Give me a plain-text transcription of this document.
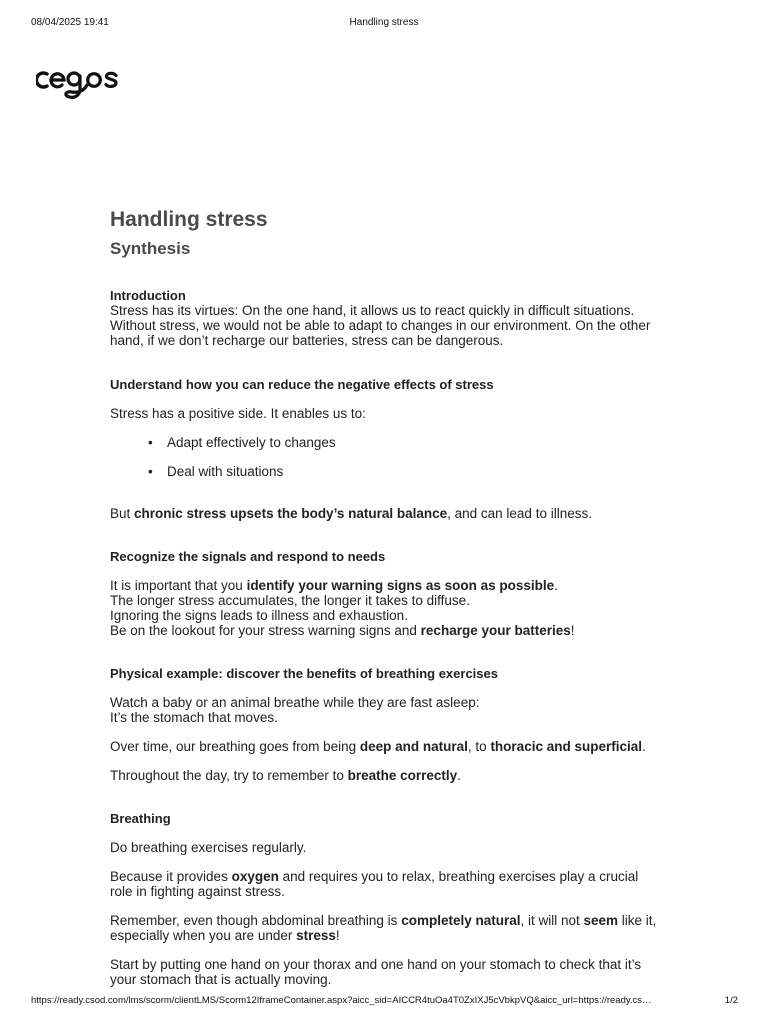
08/04/2025 19:41	Handling stress
Handling stress
Synthesis
Introduction

Stress has its virtues: On the one hand, it allows us to react quickly in difficult situations.

Without stress, we would not be able to adapt to changes in our environment. On the other

hand, if we don’t recharge our batteries, stress can be dangerous.

Understand how you can reduce the negative effects of stress

Stress has a positive side. It enables us to:

• Adapt effectively to changes
• Deal with situations

But chronic stress upsets the body’s natural balance, and can lead to illness.

Recognize the signals and respond to needs

It is important that you identify your warning signs as soon as possible.

The longer stress accumulates, the longer it takes to diffuse.

Ignoring the signs leads to illness and exhaustion.

Be on the lookout for your stress warning signs and recharge your batteries!

Physical example: discover the benefits of breathing exercises

Watch a baby or an animal breathe while they are fast asleep:

It’s the stomach that moves.

Over time, our breathing goes from being deep and natural, to thoracic and superficial.

Throughout the day, try to remember to breathe correctly.

Breathing

Do breathing exercises regularly.

Because it provides oxygen and requires you to relax, breathing exercises play a crucial

role in fighting against stress.

Remember, even though abdominal breathing is completely natural, it will not seem like it,

especially when you are under stress!

Start by putting one hand on your thorax and one hand on your stomach to check that it’s

your stomach that is actually moving.

https://ready.csod.com/lms/scorm/clientLMS/Scorm12IframeContainer.aspx?aicc_sid=AICCR4tuOa4T0ZxIXJ5cVbkpVQ&aicc_url=https://ready.cs…	1/2
